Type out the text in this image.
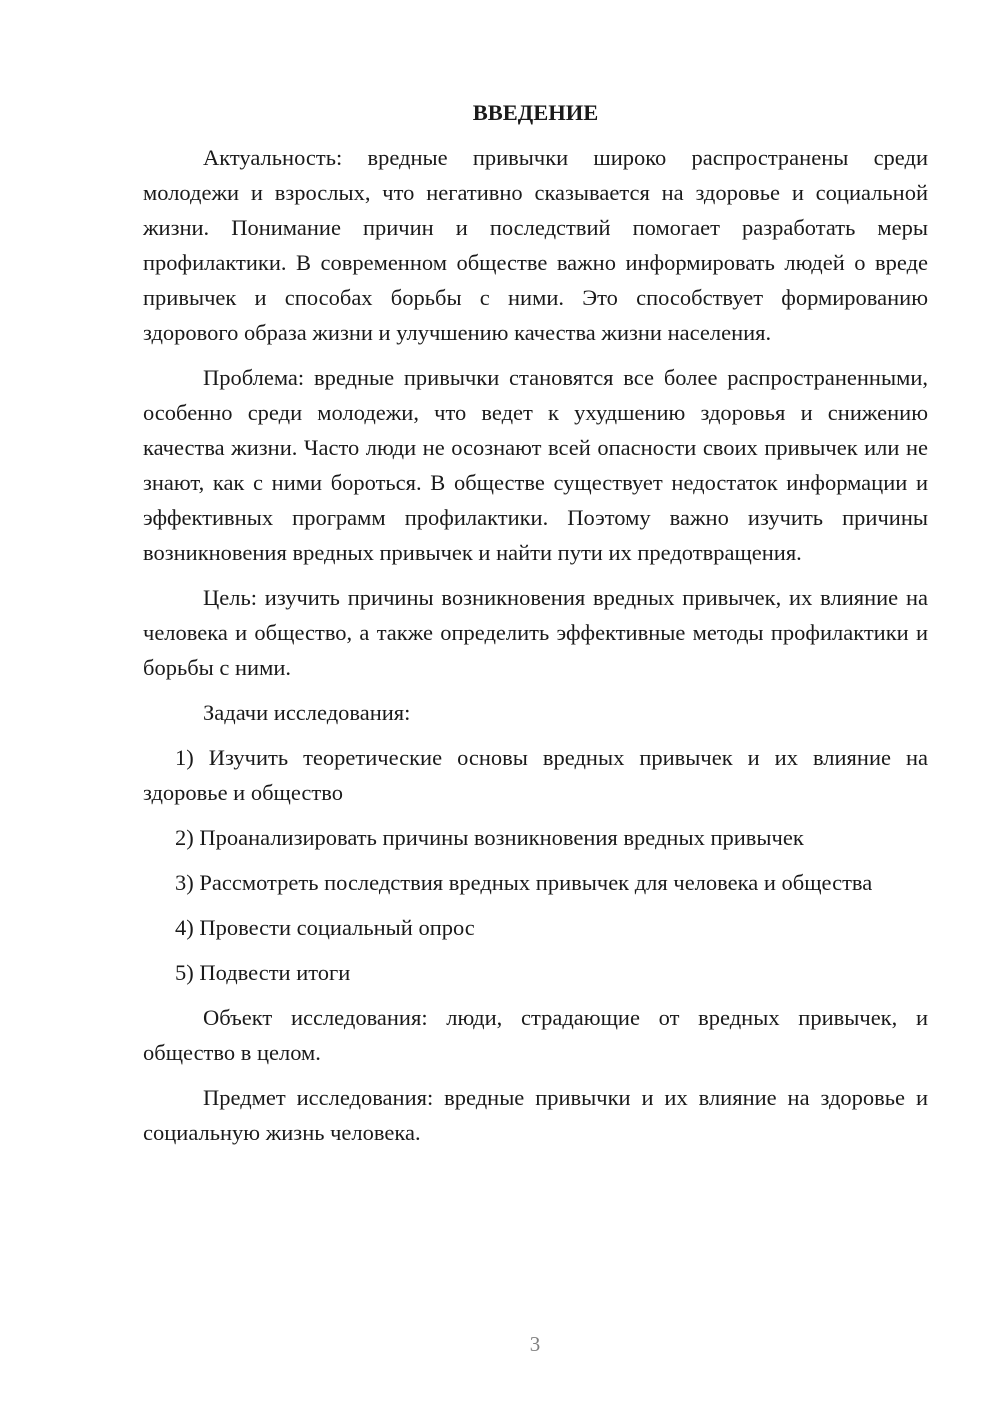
ВВЕДЕНИЕ

Актуальность: вредные привычки широко распространены среди молодежи и взрослых, что негативно сказывается на здоровье и социальной жизни. Понимание причин и последствий помогает разработать меры профилактики. В современном обществе важно информировать людей о вреде привычек и способах борьбы с ними. Это способствует формированию здорового образа жизни и улучшению качества жизни населения.

Проблема: вредные привычки становятся все более распространенными, особенно среди молодежи, что ведет к ухудшению здоровья и снижению качества жизни. Часто люди не осознают всей опасности своих привычек или не знают, как с ними бороться. В обществе существует недостаток информации и эффективных программ профилактики. Поэтому важно изучить причины возникновения вредных привычек и найти пути их предотвращения.

Цель: изучить причины возникновения вредных привычек, их влияние на человека и общество, а также определить эффективные методы профилактики и борьбы с ними.

Задачи исследования:

1) Изучить теоретические основы вредных привычек и их влияние на здоровье и общество

2) Проанализировать причины возникновения вредных привычек

3) Рассмотреть последствия вредных привычек для человека и общества

4) Провести социальный опрос

5) Подвести итоги

Объект исследования: люди, страдающие от вредных привычек, и общество в целом.

Предмет исследования: вредные привычки и их влияние на здоровье и социальную жизнь человека.

3
